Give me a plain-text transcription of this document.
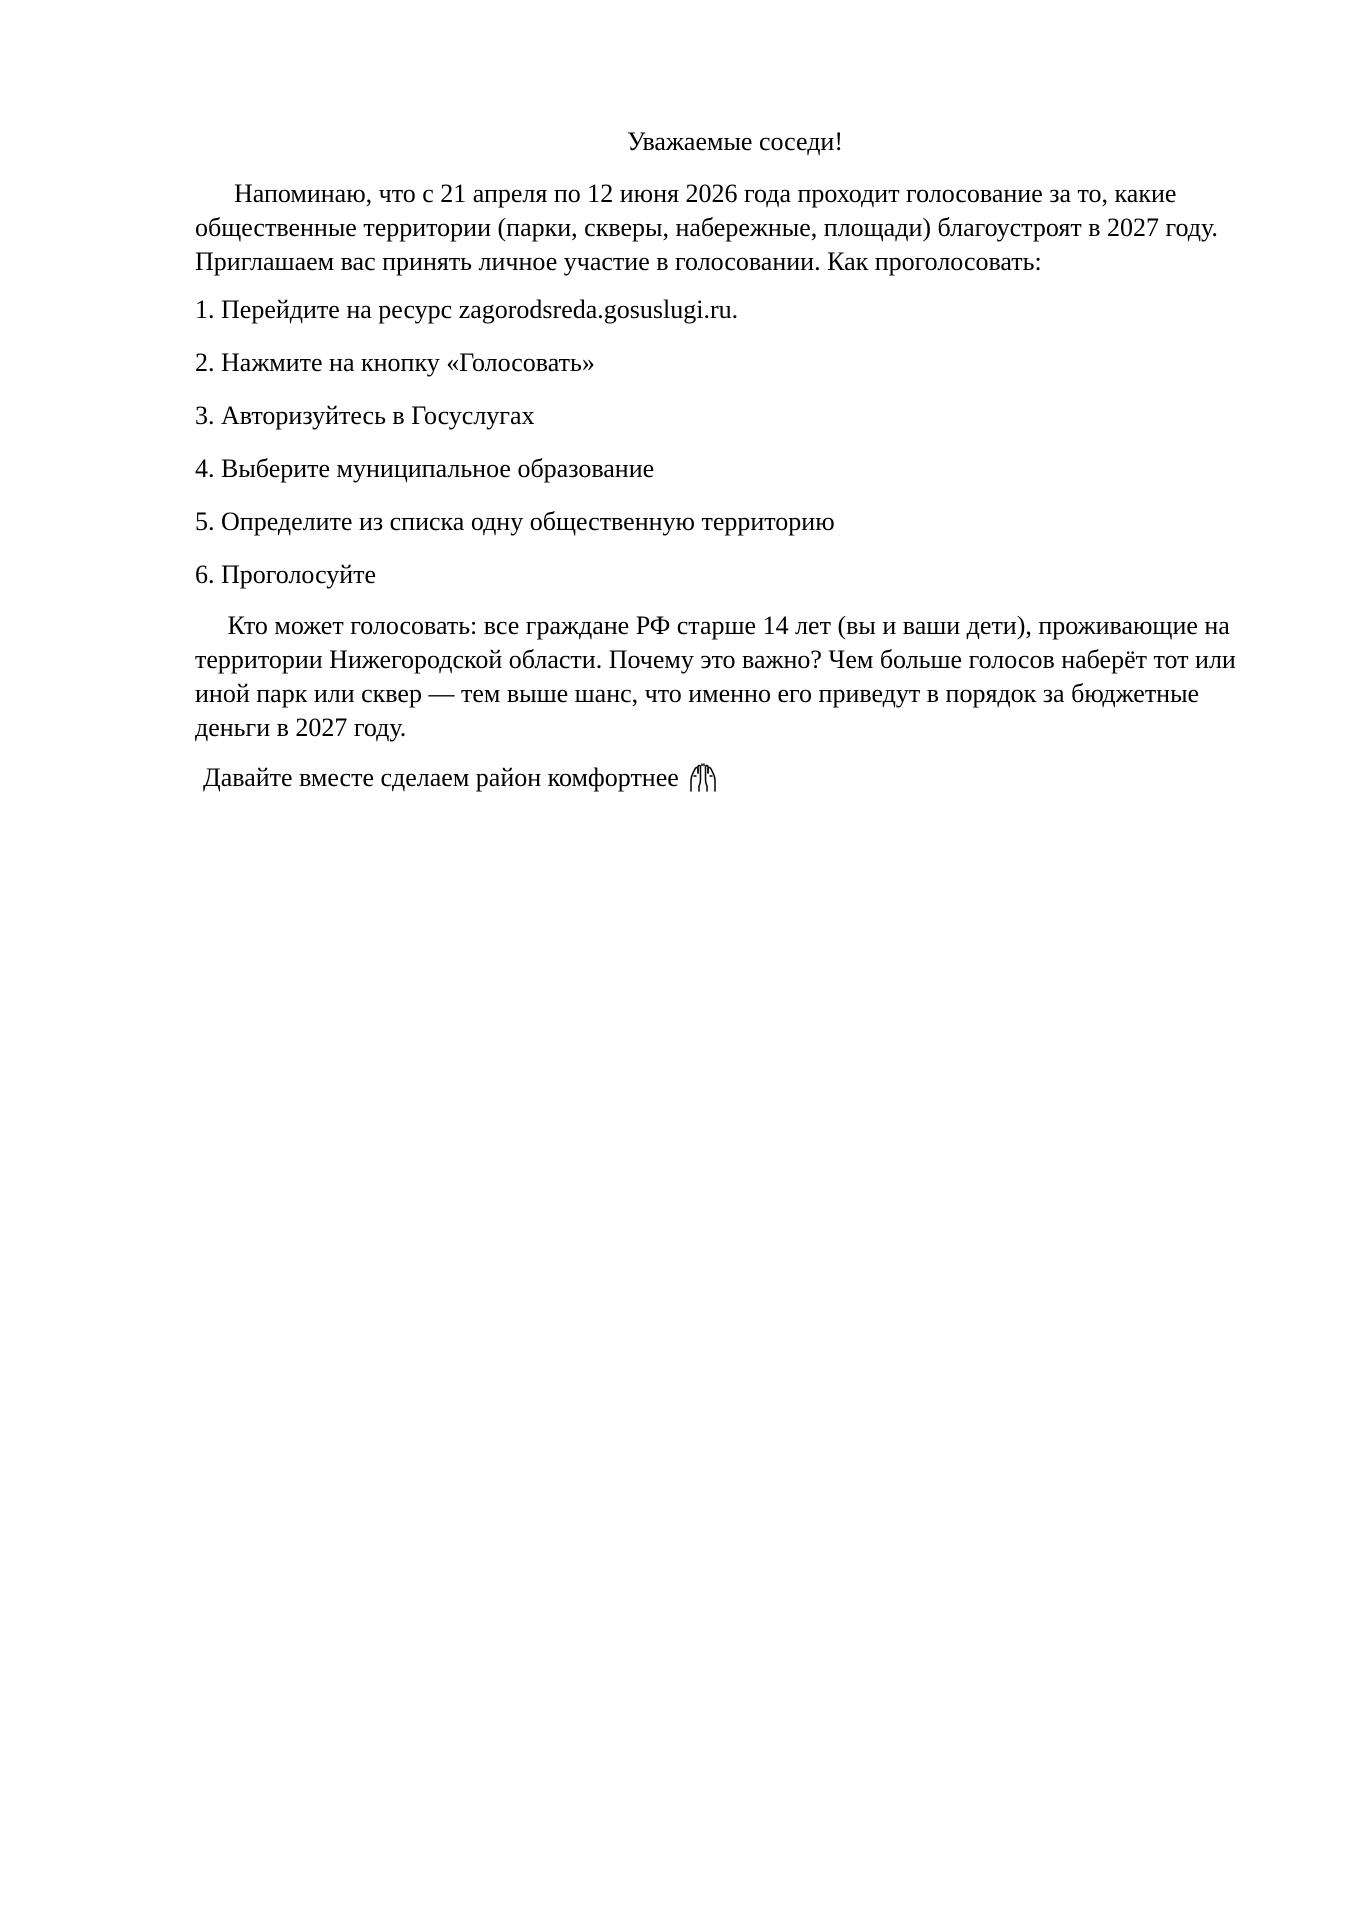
Уважаемые соседи!

Напоминаю, что с 21 апреля по 12 июня 2026 года проходит голосование за то, какие общественные территории (парки, скверы, набережные, площади) благоустроят в 2027 году.      Приглашаем вас принять личное участие в голосовании. Как проголосовать:

1. Перейдите на ресурс zagorodsreda.gosuslugi.ru.

2. Нажмите на кнопку «Голосовать»

3. Авторизуйтесь в Госуслугах

4. Выберите муниципальное образование

5. Определите из списка одну общественную территорию

6. Проголосуйте

Кто может голосовать: все граждане РФ старше 14 лет (вы и ваши дети), проживающие на территории Нижегородской области. Почему это важно? Чем больше голосов наберёт тот или иной парк или сквер — тем выше шанс, что именно его приведут в порядок за бюджетные деньги в 2027 году.

Давайте вместе сделаем район комфортнее
